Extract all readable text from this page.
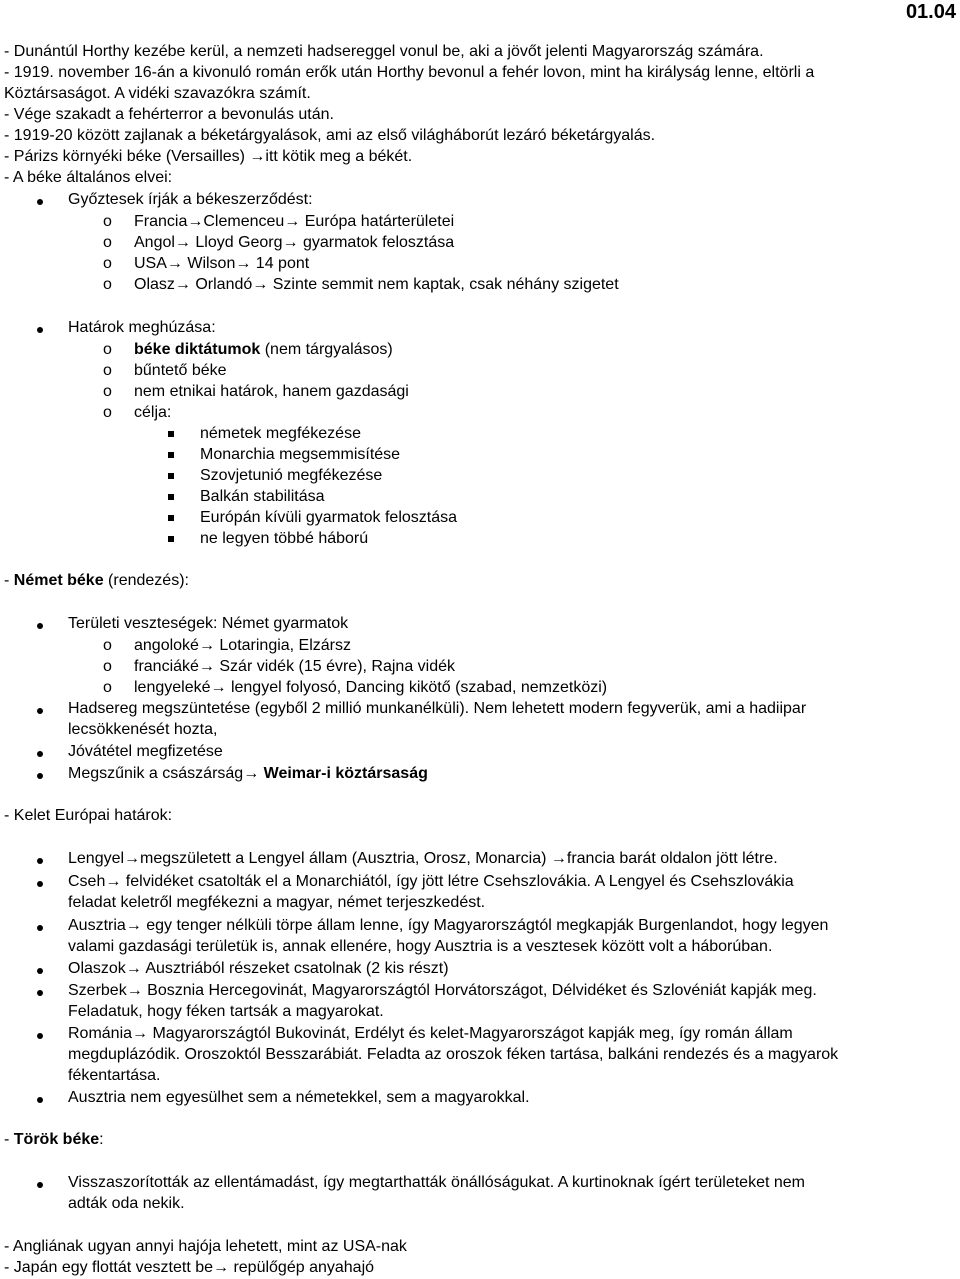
01.04
- Dunántúl Horthy kezébe kerül, a nemzeti hadsereggel vonul be, aki a jövőt jelenti Magyarország számára.
- 1919. november 16-án a kivonuló román erők után Horthy bevonul a fehér lovon, mint ha királyság lenne, eltörli a
Köztársaságot. A vidéki szavazókra számít.
- Vége szakadt a fehérterror a bevonulás után.
- 1919-20 között zajlanak a béketárgyalások, ami az első világháborút lezáró béketárgyalás.
- Párizs környéki béke (Versailles) →itt kötik meg a békét.
- A béke általános elvei:
Győztesek írják a békeszerződést:
o Francia→Clemenceu→ Európa határterületei
o Angol→ Lloyd Georg→ gyarmatok felosztása
o USA→ Wilson→ 14 pont
o Olasz→ Orlandó→ Szinte semmit nem kaptak, csak néhány szigetet
Határok meghúzása:
o béke diktátumok (nem tárgyalásos)
o bűntető béke
o nem etnikai határok, hanem gazdasági
o célja:
németek megfékezése
Monarchia megsemmisítése
Szovjetunió megfékezése
Balkán stabilitása
Európán kívüli gyarmatok felosztása
ne legyen többé háború
- Német béke (rendezés):
Területi veszteségek: Német gyarmatok
o angoloké→ Lotaringia, Elzársz
o franciáké→ Szár vidék (15 évre), Rajna vidék
o lengyeleké→ lengyel folyosó, Dancing kikötő (szabad, nemzetközi)
Hadsereg megszüntetése (egyből 2 millió munkanélküli). Nem lehetett modern fegyverük, ami a hadiipar
lecsökkenését hozta,
Jóvátétel megfizetése
Megszűnik a császárság→ Weimar-i köztársaság
- Kelet Európai határok:
Lengyel→megszületett a Lengyel állam (Ausztria, Orosz, Monarcia) →francia barát oldalon jött létre.
Cseh→ felvidéket csatolták el a Monarchiától, így jött létre Csehszlovákia. A Lengyel és Csehszlovákia
feladat keletről megfékezni a magyar, német terjeszkedést.
Ausztria→ egy tenger nélküli törpe állam lenne, így Magyarországtól megkapják Burgenlandot, hogy legyen
valami gazdasági területük is, annak ellenére, hogy Ausztria is a vesztesek között volt a háborúban.
Olaszok→ Ausztriából részeket csatolnak (2 kis részt)
Szerbek→ Bosznia Hercegovinát, Magyarországtól Horvátországot, Délvidéket és Szlovéniát kapják meg.
Feladatuk, hogy féken tartsák a magyarokat.
Románia→ Magyarországtól Bukovinát, Erdélyt és kelet-Magyarországot kapják meg, így román állam
megduplázódik. Oroszoktól Besszarábiát. Feladta az oroszok féken tartása, balkáni rendezés és a magyarok
fékentartása.
Ausztria nem egyesülhet sem a németekkel, sem a magyarokkal.
- Török béke:
Visszaszorították az ellentámadást, így megtarthatták önállóságukat. A kurtinoknak ígért területeket nem
adták oda nekik.
- Angliának ugyan annyi hajója lehetett, mint az USA-nak
- Japán egy flottát vesztett be→ repülőgép anyahajó
